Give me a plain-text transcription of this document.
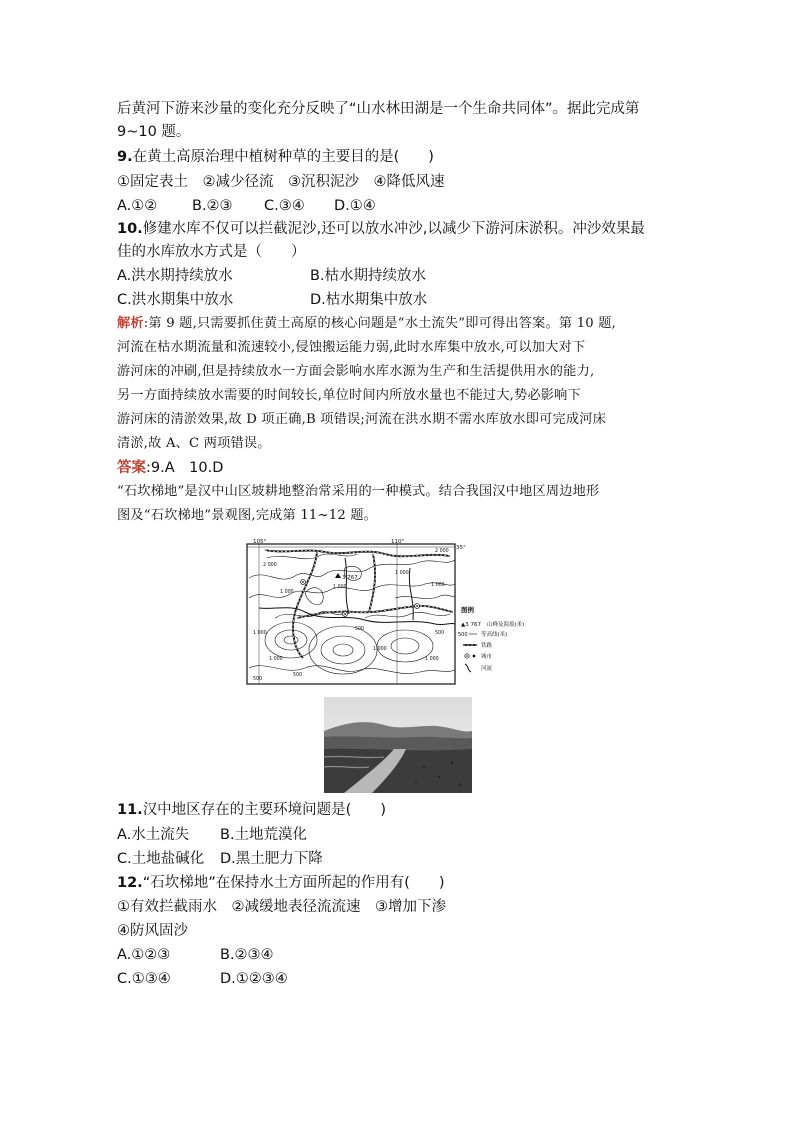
后黄河下游来沙量的变化充分反映了“山水林田湖是一个生命共同体”。据此完成第
9~10 题。
9.在黄土高原治理中植树种草的主要目的是(　　)
①固定表土　②减少径流　③沉积泥沙　④降低风速
A.①② B.②③ C.③④ D.①④
10.修建水库不仅可以拦截泥沙,还可以放水冲沙,以减少下游河床淤积。冲沙效果最
佳的水库放水方式是（　　）
A.洪水期持续放水	B.枯水期持续放水
C.洪水期集中放水	D.枯水期集中放水
解析:第 9 题,只需要抓住黄土高原的核心问题是“水土流失”即可得出答案。第 10 题,
河流在枯水期流量和流速较小,侵蚀搬运能力弱,此时水库集中放水,可以加大对下
游河床的冲刷,但是持续放水一方面会影响水库水源为生产和生活提供用水的能力,
另一方面持续放水需要的时间较长,单位时间内所放水量也不能过大,势必影响下
游河床的清淤效果,故 D 项正确,B 项错误;河流在洪水期不需水库放水即可完成河床
清淤,故 A、C 两项错误。
答案:9.A　10.D
“石坎梯地”是汉中山区坡耕地整治常采用的一种模式。结合我国汉中地区周边地形
图及“石坎梯地”景观图,完成第 11~12 题。
105°	110°
35°
3 767
2 000
1 000
1 000
1 000
1 000
1 000
1 000
1 000
1 000
500
500
500
500
2 000
图例
▲3 767 山峰及海拔(米)
500 等高线(米)
铁路
城市
河流
11.汉中地区存在的主要环境问题是(　　)
A.水土流失 B.土地荒漠化
C.土地盐碱化 D.黑土肥力下降
12.“石坎梯地”在保持水土方面所起的作用有(　　)
①有效拦截雨水　②减缓地表径流流速　③增加下渗
④防风固沙
A.①②③	B.②③④
C.①③④	D.①②③④
